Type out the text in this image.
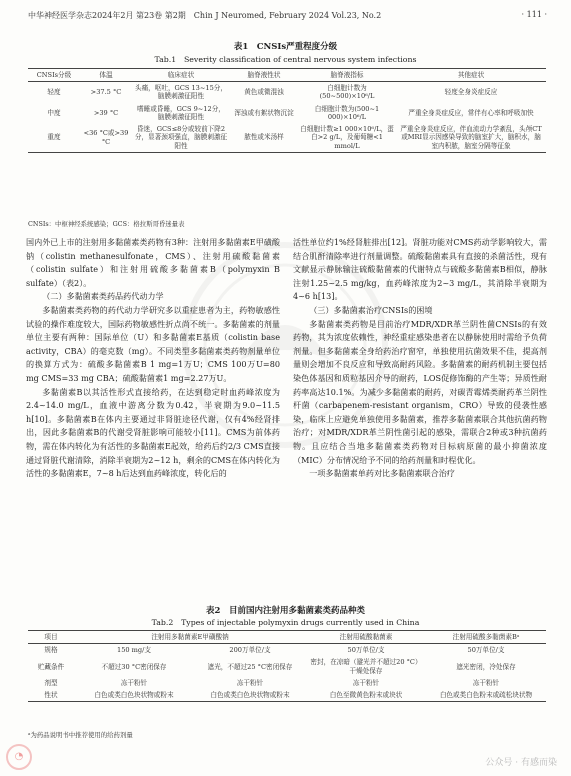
中华神经医学杂志2024年2月 第23卷 第2期　Chin J Neuromed, February 2024 Vol.23, No.2	· 111 ·
表1　CNSIs严重程度分级
Tab.1　Severity classification of central nervous system infections
CNSIs分级	体温	临床症状	脑脊液性状	脑脊液指标	其他症状
轻度	>37.5 °C	头痛，呕吐，GCS 13~15分，脑膜刺激征阳性	黄色或微混浊	白细胞计数为(50~500)×10⁶/L	轻度全身炎症反应
中度	>39 °C	嗜睡或昏睡，GCS 9~12分，脑膜刺激征阳性	浑浊或有絮状物沉淀	白细胞计数为(500~1 000)×10⁶/L	严重全身炎症反应，常伴有心率和呼吸加快
重度	<36 °C或>39 °C	昏迷，GCS≤8分或较前下降2分，显著颈项强直，脑膜刺激征阳性	脓性或米汤样	白细胞计数≥1 000×10⁶/L，蛋白>2 g/L，及葡萄糖<1 mmol/L	严重全身炎症反应，伴血流动力学紊乱，头颅CT或MRI显示因感染导致的脑室扩大，脑积水，脑室内积脓，脑室分隔等征象
CNSIs：中枢神经系统感染；GCS：格拉斯哥昏迷量表

国内外已上市的注射用多黏菌素类药物有3种：注射用多黏菌素E甲磺酸钠（colistin methanesulfonate，CMS）、注射用硫酸黏菌素（colistin sulfate）和注射用硫酸多黏菌素B（polymyxin B sulfate）（表2）。

（二）多黏菌素类药品药代动力学

多黏菌素类药物的药代动力学研究多以重症患者为主，药物敏感性试验的操作难度较大，国际药物敏感性折点尚不统一。多黏菌素的剂量单位主要有两种：国际单位（U）和多黏菌素E基质（colistin base activity，CBA）的毫克数（mg）。不同类型多黏菌素类药物剂量单位的换算方式为：硫酸多黏菌素B 1 mg=1万U；CMS 100万U=80 mg CMS=33 mg CBA；硫酸黏菌素1 mg=2.27万U。

多黏菌素B以其活性形式直接给药，在达到稳定时血药峰浓度为2.4~14.0 mg/L，血液中游离分数为0.42，半衰期为9.0~11.5 h[10]。多黏菌素B在体内主要通过非肾脏途径代谢，仅有4%经肾排出，因此多黏菌素B的代谢受肾脏影响可能较小[11]。CMS为前体药物，需在体内转化为有活性的多黏菌素E起效，给药后约2/3 CMS直接通过肾脏代谢清除，消除半衰期为2~12 h，剩余的CMS在体内转化为活性的多黏菌素E，7~8 h后达到血药峰浓度，转化后的

活性单位约1%经肾脏排出[12]。肾脏功能对CMS药动学影响较大，需结合肌酐清除率进行剂量调整。硫酸黏菌素具有直接的杀菌活性，现有文献显示静脉输注硫酸黏菌素的代谢特点与硫酸多黏菌素B相似，静脉注射1.25~2.5 mg/kg，血药峰浓度为2~3 mg/L，其消除半衰期为4~6 h[13]。

（三）多黏菌素治疗CNSIs的困境

多黏菌素类药物是目前治疗MDR/XDR革兰阴性菌CNSIs的有效药物，其为浓度依赖性，神经重症感染患者在以静脉使用时需给予负荷剂量。但多黏菌素全身给药治疗窗窄，单独使用抗菌效果不佳，提高剂量则会增加不良反应和导致高耐药风险。多黏菌素的耐药机制主要包括染色体基因和质粒基因介导的耐药，LOS促修饰酶的产生等；异质性耐药率高达10.1%。为减少多黏菌素的耐药，对碳青霉烯类耐药革兰阴性杆菌（carbapenem-resistant organism，CRO）导致的侵袭性感染，临床上应避免单独使用多黏菌素，推荐多黏菌素联合其他抗菌药物治疗；对MDR/XDR革兰阴性菌引起的感染，需联合2种或3种抗菌药物。且应结合当地多黏菌素类药物对目标病原菌的最小抑菌浓度（MIC）分布情况给予不同的给药剂量和时程优化。

一项多黏菌素单药对比多黏菌素联合治疗

表2　目前国内注射用多黏菌素类药品种类
Tab.2　Types of injectable polymyxin drugs currently used in China
项目	注射用多黏菌素E甲磺酸钠		注射用硫酸黏菌素	注射用硫酸多黏菌素Bᵃ
规格	150 mg/支	200万单位/支	50万单位/支	50万单位/支
贮藏条件	不超过30 °C密闭保存	遮光，不超过25 °C密闭保存	密封，在凉暗（避光并不超过20 °C）干燥处保存	遮光密闭，冷处保存
剂型	冻干粉针	冻干粉针	冻干粉针	冻干粉针
性状	白色或类白色块状物或粉末	白色或类白色块状物或粉末	白色至微黄色粉末或块状	白色或类白色粉末或疏松块状物
ᵃ为药品说明书中推荐使用的给药剂量
◔
公众号 · 有感而染
